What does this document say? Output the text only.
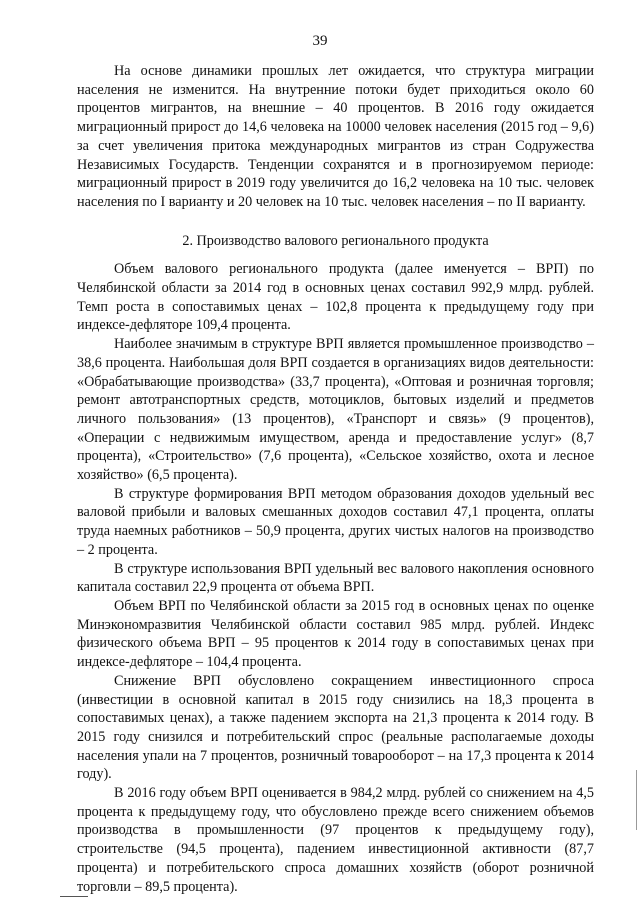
39

На основе динамики прошлых лет ожидается, что структура миграции населения не изменится. На внутренние потоки будет приходиться около 60 процентов мигрантов, на внешние – 40 процентов. В 2016 году ожидается миграционный прирост до 14,6 человека на 10000 человек населения (2015 год – 9,6) за счет увеличения притока международных мигрантов из стран Содружества Независимых Государств. Тенденции сохранятся и в прогнозируемом периоде: миграционный прирост в 2019 году увеличится до 16,2 человека на 10 тыс. человек населения по I варианту и 20 человек на 10 тыс. человек населения – по II варианту.

2. Производство валового регионального продукта

Объем валового регионального продукта (далее именуется – ВРП) по Челябинской области за 2014 год в основных ценах составил 992,9 млрд. рублей. Темп роста в сопоставимых ценах – 102,8 процента к предыдущему году при индексе-дефляторе 109,4 процента.

Наиболее значимым в структуре ВРП является промышленное производство – 38,6 процента. Наибольшая доля ВРП создается в организациях видов деятельности: «Обрабатывающие производства» (33,7 процента), «Оптовая и розничная торговля; ремонт автотранспортных средств, мотоциклов, бытовых изделий и предметов личного пользования» (13 процентов), «Транспорт и связь» (9 процентов), «Операции с недвижимым имуществом, аренда и предоставление услуг» (8,7 процента), «Строительство» (7,6 процента), «Сельское хозяйство, охота и лесное хозяйство» (6,5 процента).

В структуре формирования ВРП методом образования доходов удельный вес валовой прибыли и валовых смешанных доходов составил 47,1 процента, оплаты труда наемных работников – 50,9 процента, других чистых налогов на производство – 2 процента.

В структуре использования ВРП удельный вес валового накопления основного капитала составил 22,9 процента от объема ВРП.

Объем ВРП по Челябинской области за 2015 год в основных ценах по оценке Минэкономразвития Челябинской области составил 985 млрд. рублей. Индекс физического объема ВРП – 95 процентов к 2014 году в сопоставимых ценах при индексе-дефляторе – 104,4 процента.

Снижение ВРП обусловлено сокращением инвестиционного спроса (инвестиции в основной капитал в 2015 году снизились на 18,3 процента в сопоставимых ценах), а также падением экспорта на 21,3 процента к 2014 году. В 2015 году снизился и потребительский спрос (реальные располагаемые доходы населения упали на 7 процентов, розничный товарооборот – на 17,3 процента к 2014 году).

В 2016 году объем ВРП оценивается в 984,2 млрд. рублей со снижением на 4,5 процента к предыдущему году, что обусловлено прежде всего снижением объемов производства в промышленности (97 процентов к предыдущему году), строительстве (94,5 процента), падением инвестиционной активности (87,7 процента) и потребительского спроса домашних хозяйств (оборот розничной торговли – 89,5 процента).
